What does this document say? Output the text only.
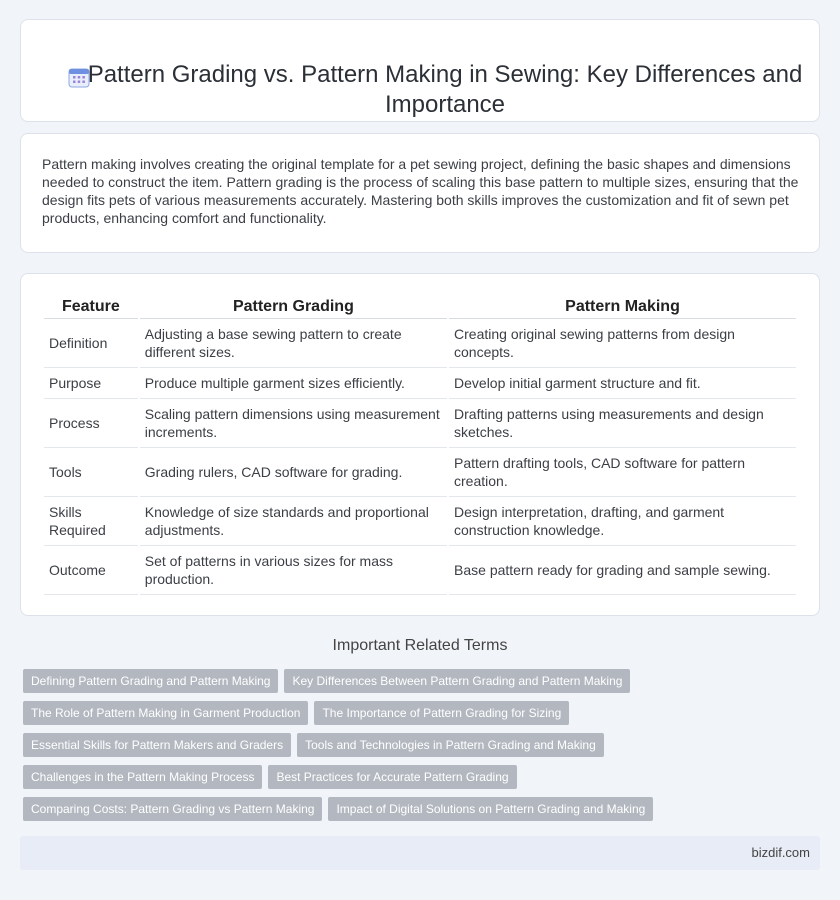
Pattern Grading vs. Pattern Making in Sewing: Key Differences and Importance

Pattern making involves creating the original template for a pet sewing project, defining the basic shapes and dimensions needed to construct the item. Pattern grading is the process of scaling this base pattern to multiple sizes, ensuring that the design fits pets of various measurements accurately. Mastering both skills improves the customization and fit of sewn pet products, enhancing comfort and functionality.

Feature	Pattern Grading	Pattern Making
Definition	Adjusting a base sewing pattern to create different sizes.	Creating original sewing patterns from design concepts.
Purpose	Produce multiple garment sizes efficiently.	Develop initial garment structure and fit.
Process	Scaling pattern dimensions using measurement increments.	Drafting patterns using measurements and design sketches.
Tools	Grading rulers, CAD software for grading.	Pattern drafting tools, CAD software for pattern creation.
Skills Required	Knowledge of size standards and proportional adjustments.	Design interpretation, drafting, and garment construction knowledge.
Outcome	Set of patterns in various sizes for mass production.	Base pattern ready for grading and sample sewing.
Important Related Terms
Defining Pattern Grading and Pattern Making	Key Differences Between Pattern Grading and Pattern Making
The Role of Pattern Making in Garment Production	The Importance of Pattern Grading for Sizing
Essential Skills for Pattern Makers and Graders	Tools and Technologies in Pattern Grading and Making
Challenges in the Pattern Making Process	Best Practices for Accurate Pattern Grading
Comparing Costs: Pattern Grading vs Pattern Making	Impact of Digital Solutions on Pattern Grading and Making
bizdif.com
